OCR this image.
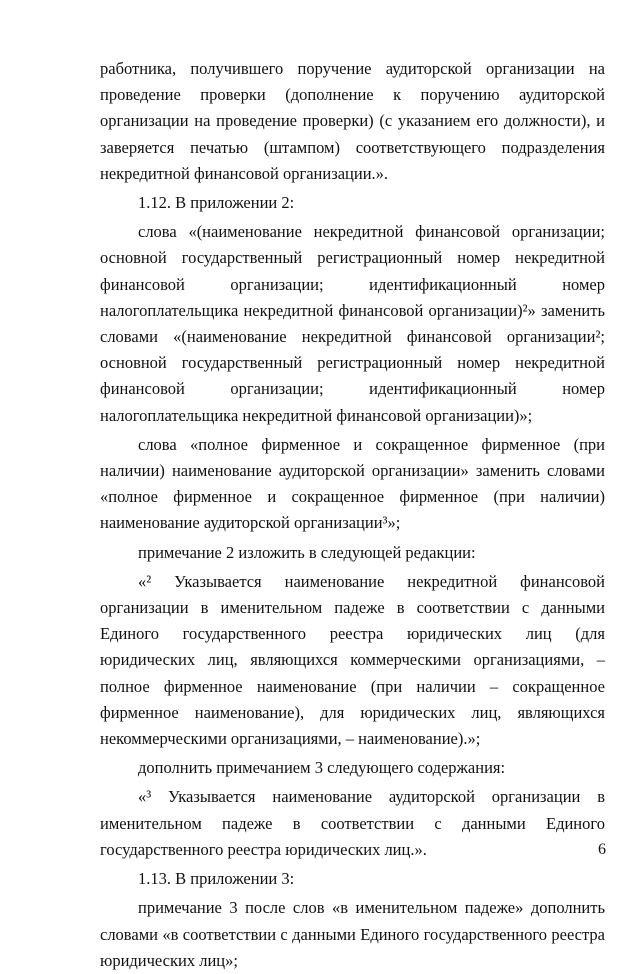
работника, получившего поручение аудиторской организации на проведение проверки (дополнение к поручению аудиторской организации на проведение проверки) (с указанием его должности), и заверяется печатью (штампом) соответствующего подразделения некредитной финансовой организации.».

1.12. В приложении 2:

слова «(наименование некредитной финансовой организации; основной государственный регистрационный номер некредитной финансовой организации; идентификационный номер налогоплательщика некредитной финансовой организации)²» заменить словами «(наименование некредитной финансовой организации²; основной государственный регистрационный номер некредитной финансовой организации; идентификационный номер налогоплательщика некредитной финансовой организации)»;

слова «полное фирменное и сокращенное фирменное (при наличии) наименование аудиторской организации» заменить словами «полное фирменное и сокращенное фирменное (при наличии) наименование аудиторской организации³»;

примечание 2 изложить в следующей редакции:

«² Указывается наименование некредитной финансовой организации в именительном падеже в соответствии с данными Единого государственного реестра юридических лиц (для юридических лиц, являющихся коммерческими организациями, – полное фирменное наименование (при наличии – сокращенное фирменное наименование), для юридических лиц, являющихся некоммерческими организациями, – наименование).»;

дополнить примечанием 3 следующего содержания:

«³ Указывается наименование аудиторской организации в именительном падеже в соответствии с данными Единого государственного реестра юридических лиц.».

1.13. В приложении 3:

примечание 3 после слов «в именительном падеже» дополнить словами «в соответствии с данными Единого государственного реестра юридических лиц»;

6
